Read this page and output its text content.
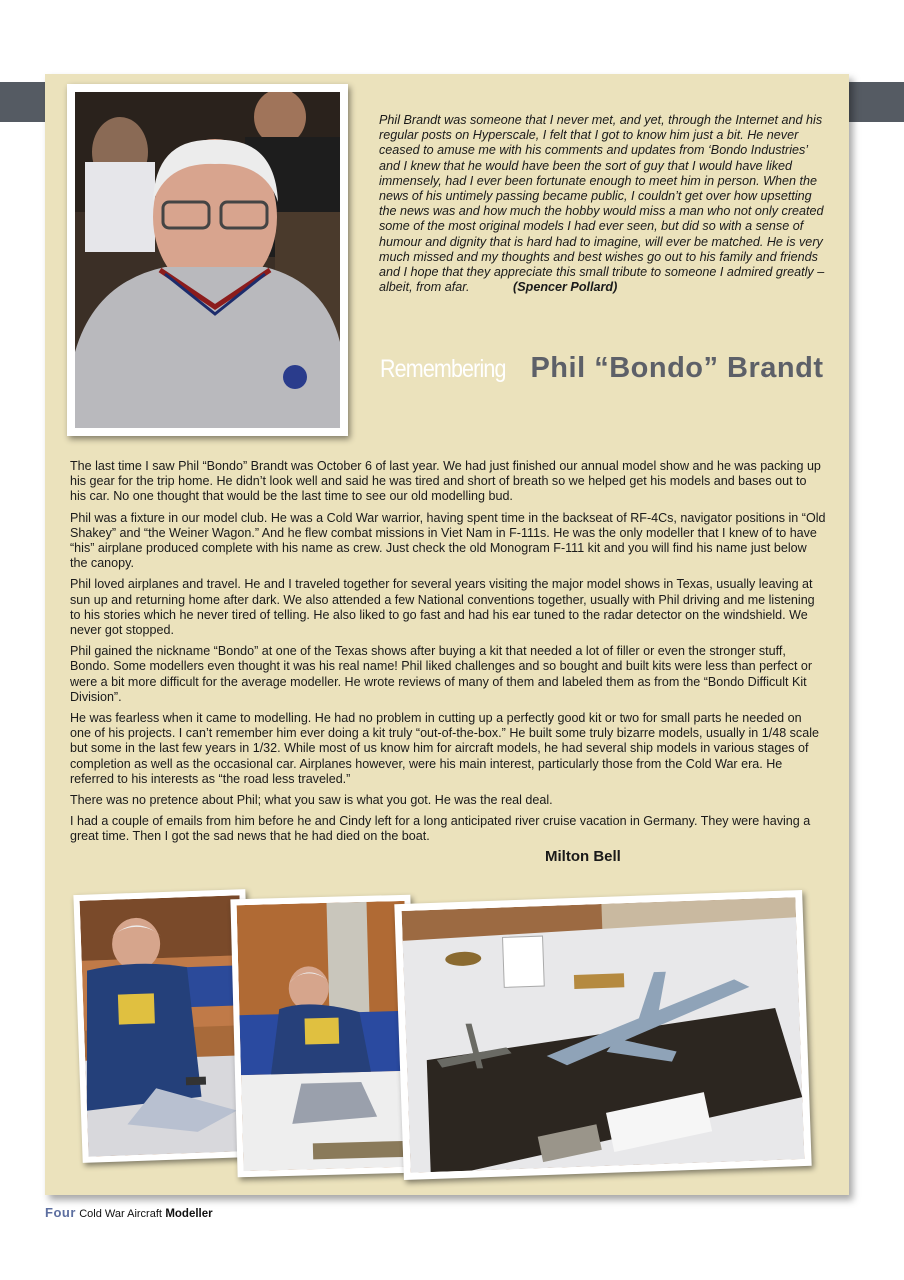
Phil Brandt was someone that I never met, and yet, through the Internet and his regular posts on Hyperscale, I felt that I got to know him just a bit. He never ceased to amuse me with his comments and updates from ‘Bondo Industries’ and I knew that he would have been the sort of guy that I would have liked immensely, had I ever been fortunate enough to meet him in person. When the news of his untimely passing became public, I couldn’t get over how upsetting the news was and how much the hobby would miss a man who not only created some of the most original models I had ever seen, but did so with a sense of humour and dignity that is hard had to imagine, will ever be matched. He is very much missed and my thoughts and best wishes go out to his family and friends and I hope that they appreciate this small tribute to someone I admired greatly – albeit, from afar.	(Spencer Pollard)
Remembering Phil “Bondo” Brandt

The last time I saw Phil “Bondo” Brandt was October 6 of last year. We had just finished our annual model show and he was packing up his gear for the trip home. He didn’t look well and said he was tired and short of breath so we helped get his models and bases out to his car. No one thought that would be the last time to see our old modelling bud.

Phil was a fixture in our model club. He was a Cold War warrior, having spent time in the backseat of RF-4Cs, navigator positions in “Old Shakey” and “the Weiner Wagon.” And he flew combat missions in Viet Nam in F-111s. He was the only modeller that I knew of to have “his” airplane produced complete with his name as crew. Just check the old Monogram F-111 kit and you will find his name just below the canopy.

Phil loved airplanes and travel. He and I traveled together for several years visiting the major model shows in Texas, usually leaving at sun up and returning home after dark. We also attended a few National conventions together, usually with Phil driving and me listening to his stories which he never tired of telling. He also liked to go fast and had his ear tuned to the radar detector on the windshield. We never got stopped.

Phil gained the nickname “Bondo” at one of the Texas shows after buying a kit that needed a lot of filler or even the stronger stuff, Bondo. Some modellers even thought it was his real name! Phil liked challenges and so bought and built kits were less than perfect or were a bit more difficult for the average modeller. He wrote reviews of many of them and labeled them as from the “Bondo Difficult Kit Division”.

He was fearless when it came to modelling. He had no problem in cutting up a perfectly good kit or two for small parts he needed on one of his projects. I can’t remember him ever doing a kit truly “out-of-the-box.” He built some truly bizarre models, usually in 1/48 scale but some in the last few years in 1/32. While most of us know him for aircraft models, he had several ship models in various stages of completion as well as the occasional car. Airplanes however, were his main interest, particularly those from the Cold War era. He referred to his interests as “the road less traveled.”

There was no pretence about Phil; what you saw is what you got. He was the real deal.

I had a couple of emails from him before he and Cindy left for a long anticipated river cruise vacation in Germany. They were having a great time. Then I got the sad news that he had died on the boat.

Milton Bell
Four Cold War Aircraft Modeller
